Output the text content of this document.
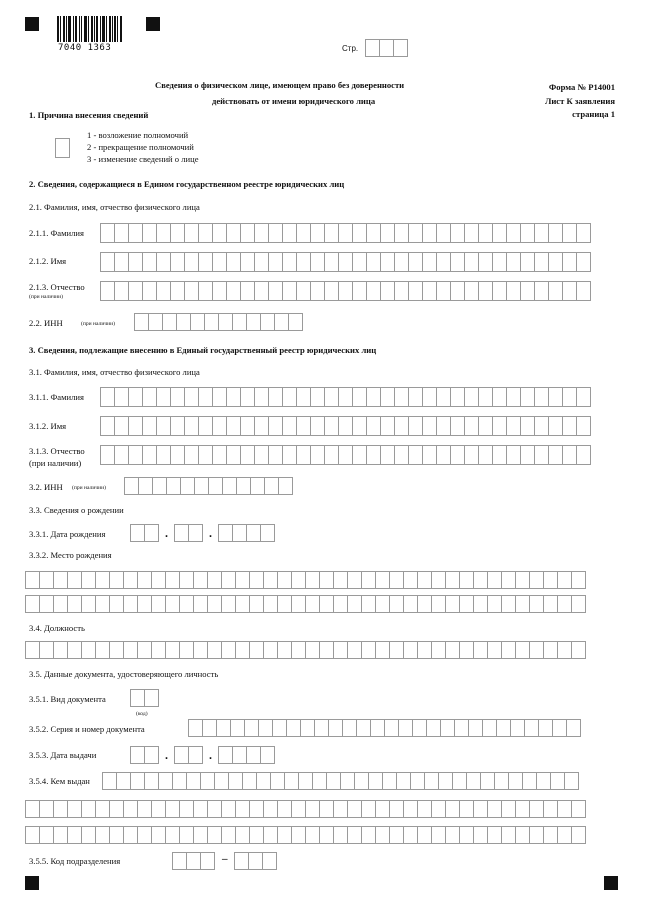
7040 1363	Стр.
Сведения о физическом лице, имеющем право без доверенности
действовать от имени юридического лица
Форма № Р14001
Лист К заявления
страница 1
1. Причина внесения сведений
1 - возложение полномочий
2 - прекращение полномочий
3 - изменение сведений о лице
2. Сведения, содержащиеся в Едином государственном реестре юридических лиц
2.1. Фамилия, имя, отчество физического лица
2.1.1. Фамилия
2.1.2. Имя
2.1.3. Отчество
(при наличии)
2.2. ИНН	(при наличии)
3. Сведения, подлежащие внесению в Единый государственный реестр юридических лиц
3.1. Фамилия, имя, отчество физического лица
3.1.1. Фамилия
3.1.2. Имя
3.1.3. Отчество
(при наличии)
3.2. ИНН (при наличии)
3.3. Сведения о рождении
3.3.1. Дата рождения	.	.
3.3.2. Место рождения
3.4. Должность
3.5. Данные документа, удостоверяющего личность
3.5.1. Вид документа
(код)
3.5.2. Серия и номер документа
3.5.3. Дата выдачи	.	.
3.5.4. Кем выдан
3.5.5. Код подразделения	–
